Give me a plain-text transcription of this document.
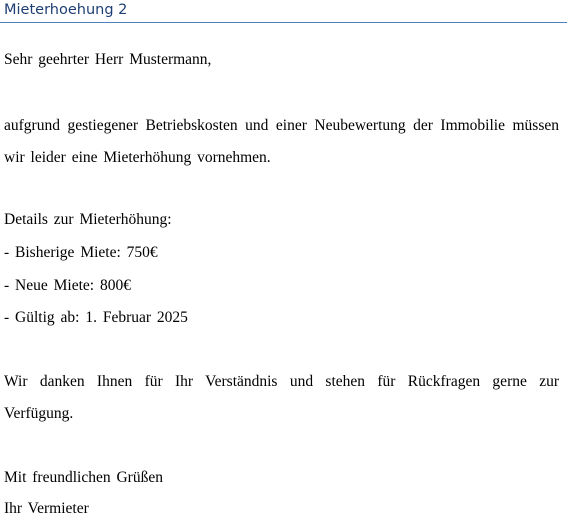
Mieterhoehung 2
Sehr geehrter Herr Mustermann,
aufgrund gestiegener Betriebskosten und einer Neubewertung der Immobilie müssen
wir leider eine Mieterhöhung vornehmen.
Details zur Mieterhöhung:
- Bisherige Miete: 750€
- Neue Miete: 800€
- Gültig ab: 1. Februar 2025
Wir danken Ihnen für Ihr Verständnis und stehen für Rückfragen gerne zur
Verfügung.
Mit freundlichen Grüßen
Ihr Vermieter
